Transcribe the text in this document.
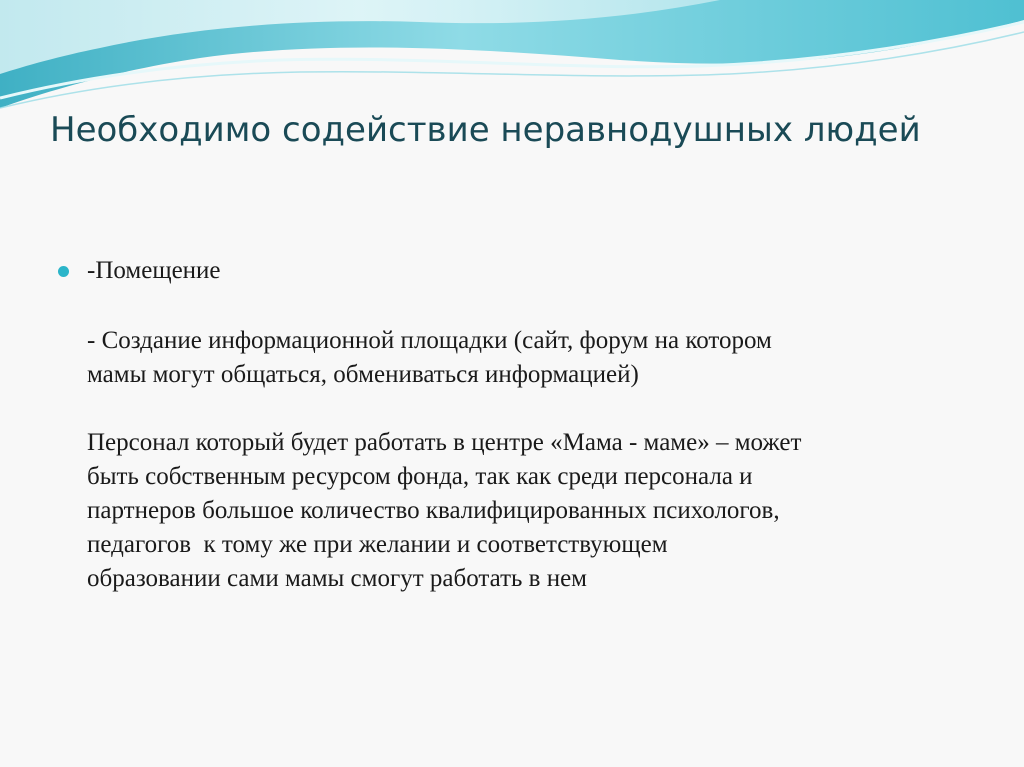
Необходимо содействие неравнодушных людей

-Помещение

- Создание информационной площадки (сайт, форум на котором

мамы могут общаться, обмениваться информацией)

Персонал который будет работать в центре «Мама - маме» – может

быть собственным ресурсом фонда, так как среди персонала и

партнеров большое количество квалифицированных психологов,

педагогов  к тому же при желании и соответствующем

образовании сами мамы смогут работать в нем
